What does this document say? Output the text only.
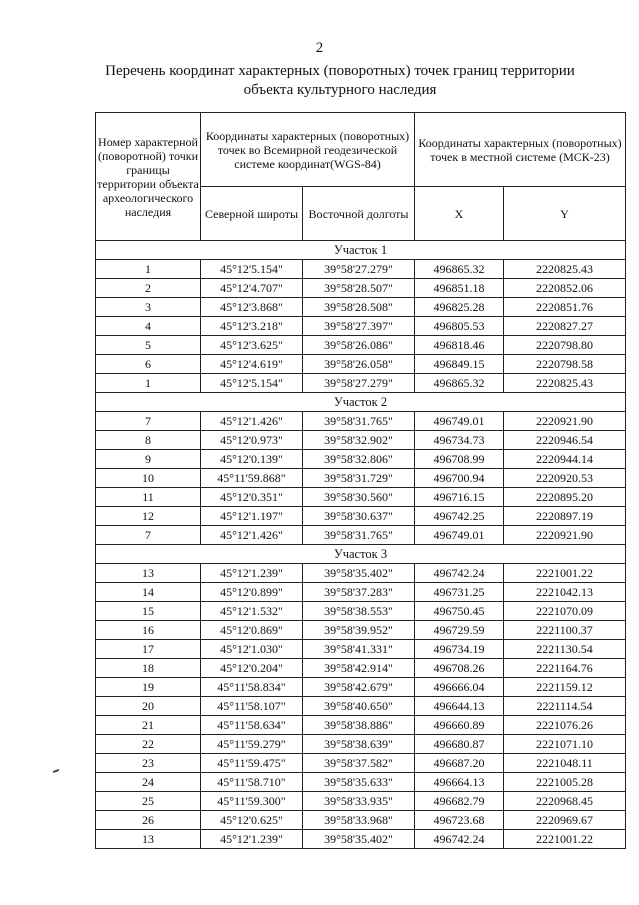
2
Перечень координат характерных (поворотных) точек границ территории
объекта культурного наследия
Номер характерной (поворотной) точки границы территории объекта археологического наследия	Координаты характерных (поворотных) точек во Всемирной геодезической системе координат(WGS-84)		Координаты характерных (поворотных) точек в местной системе (МСК-23)	
	Северной широты	Восточной долготы	X	Y
Участок 1				
1	45°12'5.154"	39°58'27.279"	496865.32	2220825.43
2	45°12'4.707"	39°58'28.507"	496851.18	2220852.06
3	45°12'3.868"	39°58'28.508"	496825.28	2220851.76
4	45°12'3.218"	39°58'27.397"	496805.53	2220827.27
5	45°12'3.625"	39°58'26.086"	496818.46	2220798.80
6	45°12'4.619"	39°58'26.058"	496849.15	2220798.58
1	45°12'5.154"	39°58'27.279"	496865.32	2220825.43
Участок 2				
7	45°12'1.426"	39°58'31.765"	496749.01	2220921.90
8	45°12'0.973"	39°58'32.902"	496734.73	2220946.54
9	45°12'0.139"	39°58'32.806"	496708.99	2220944.14
10	45°11'59.868"	39°58'31.729"	496700.94	2220920.53
11	45°12'0.351"	39°58'30.560"	496716.15	2220895.20
12	45°12'1.197"	39°58'30.637"	496742.25	2220897.19
7	45°12'1.426"	39°58'31.765"	496749.01	2220921.90
Участок 3				
13	45°12'1.239"	39°58'35.402"	496742.24	2221001.22
14	45°12'0.899"	39°58'37.283"	496731.25	2221042.13
15	45°12'1.532"	39°58'38.553"	496750.45	2221070.09
16	45°12'0.869"	39°58'39.952"	496729.59	2221100.37
17	45°12'1.030"	39°58'41.331"	496734.19	2221130.54
18	45°12'0.204"	39°58'42.914"	496708.26	2221164.76
19	45°11'58.834"	39°58'42.679"	496666.04	2221159.12
20	45°11'58.107"	39°58'40.650"	496644.13	2221114.54
21	45°11'58.634"	39°58'38.886"	496660.89	2221076.26
22	45°11'59.279"	39°58'38.639"	496680.87	2221071.10
23	45°11'59.475"	39°58'37.582"	496687.20	2221048.11
24	45°11'58.710"	39°58'35.633"	496664.13	2221005.28
25	45°11'59.300"	39°58'33.935"	496682.79	2220968.45
26	45°12'0.625"	39°58'33.968"	496723.68	2220969.67
13	45°12'1.239"	39°58'35.402"	496742.24	2221001.22
